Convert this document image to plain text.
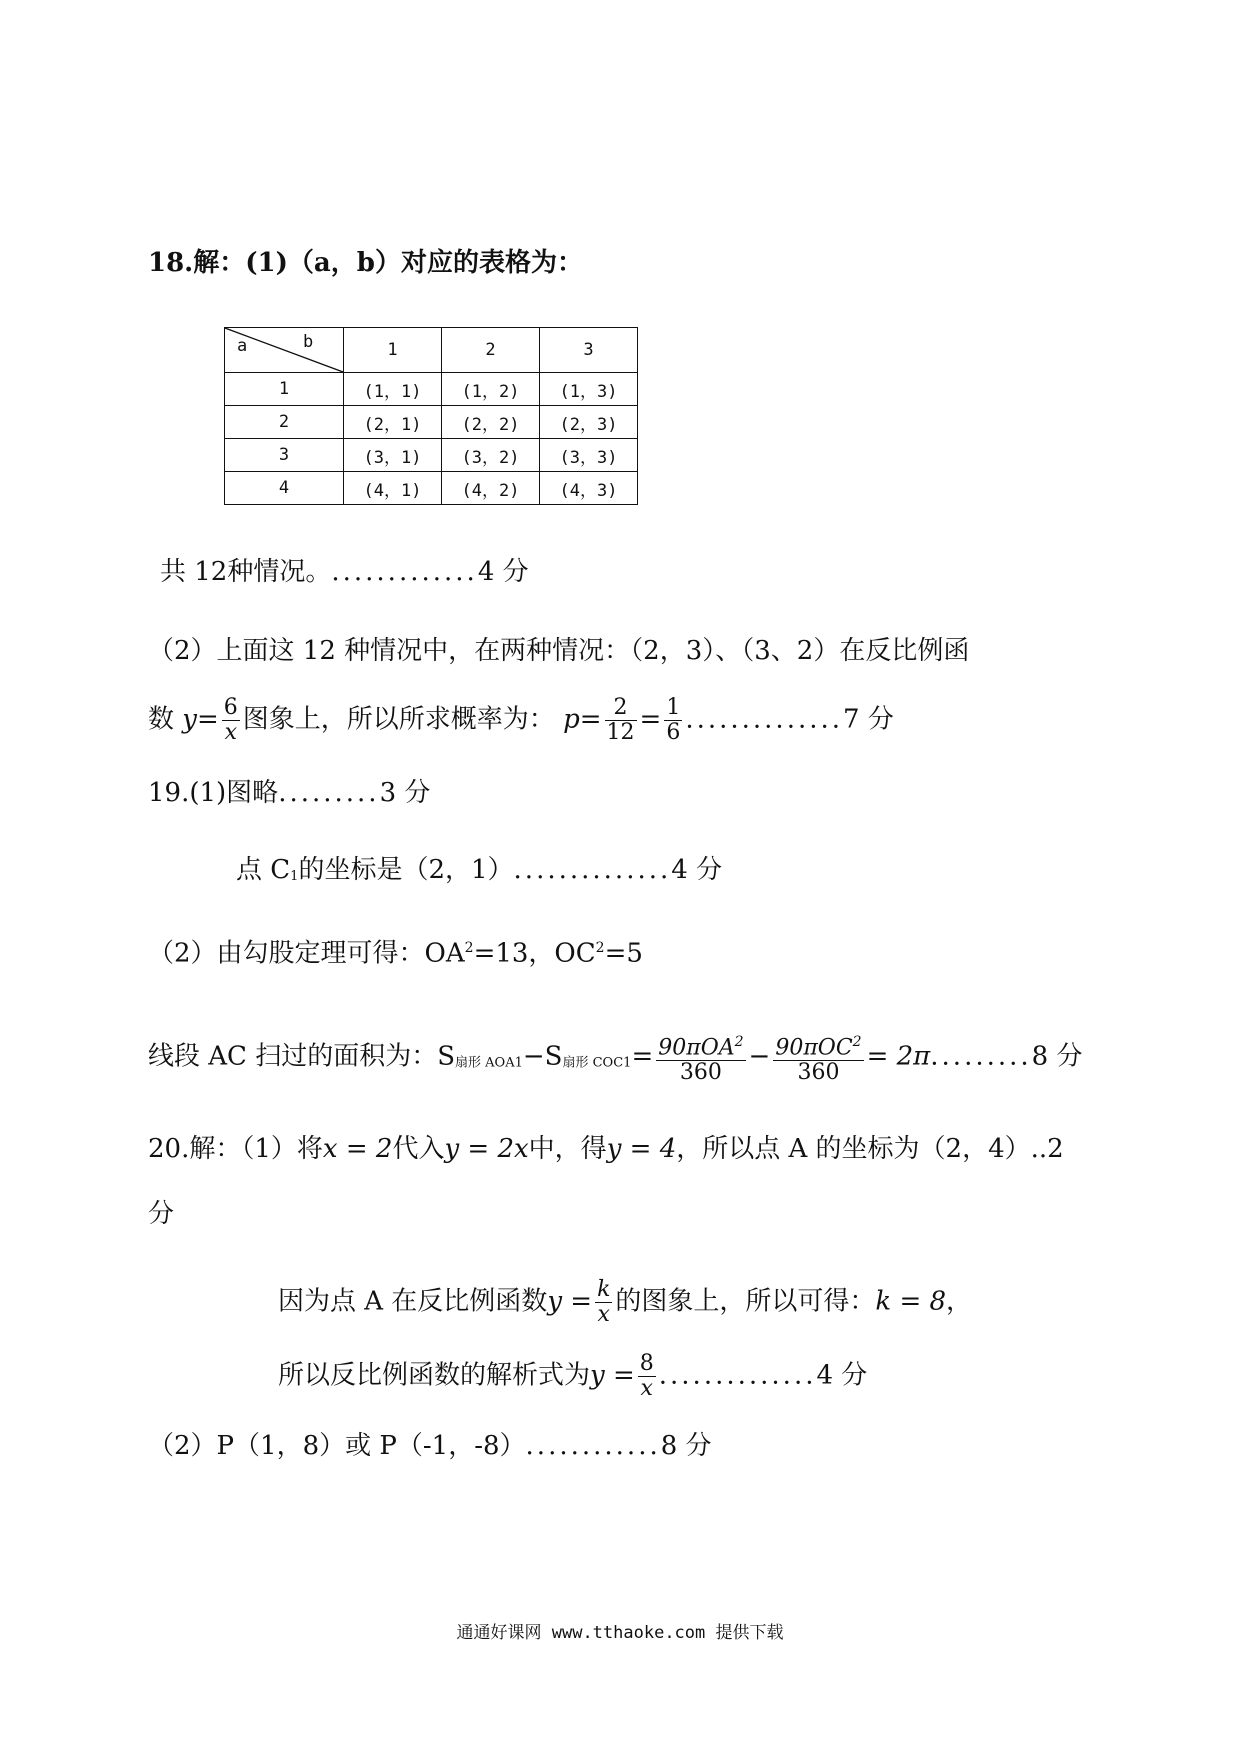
18.解：(1)（a，b）对应的表格为：
a b	1	2	3
1	(1，1)	(1，2)	(1，3)
2	(2，1)	(2，2)	(2，3)
3	(3，1)	(3，2)	(3，3)
4	(4，1)	(4，2)	(4，3)
共 12种情况。.............4 分
（2）上面这 12 种情况中，在两种情况：（2，3）、（3、2）在反比例函
数 $y= \frac{6}{x}$ 图象上，所以所求概率为： $p= \frac{2}{12} = \frac{1}{6} ..............7$ 分
19.(1)图略.........3 分
点 $C_1$的坐标是（2，1）..............4 分
（2）由勾股定理可得：$OA^2=13$，$OC^2=5$
线段 AC 扫过的面积为：$S_{扇形 AOA1}-S_{扇形 COC1}= \frac{90\pi OA^2}{360} - \frac{90\pi OC^2}{360} = 2\pi.........8$ 分
20.解：（1）将x = 2代入y = 2x中，得y = 4，所以点 A 的坐标为（2，4）..2
分
因为点 A 在反比例函数$y = \frac{k}{x}$ 的图象上，所以可得：k = 8，
所以反比例函数的解析式为$y = \frac{8}{x} ..............4$ 分
（2）P（1，8）或 P（-1，-8）............8 分
通通好课网 www.tthaoke.com 提供下载
